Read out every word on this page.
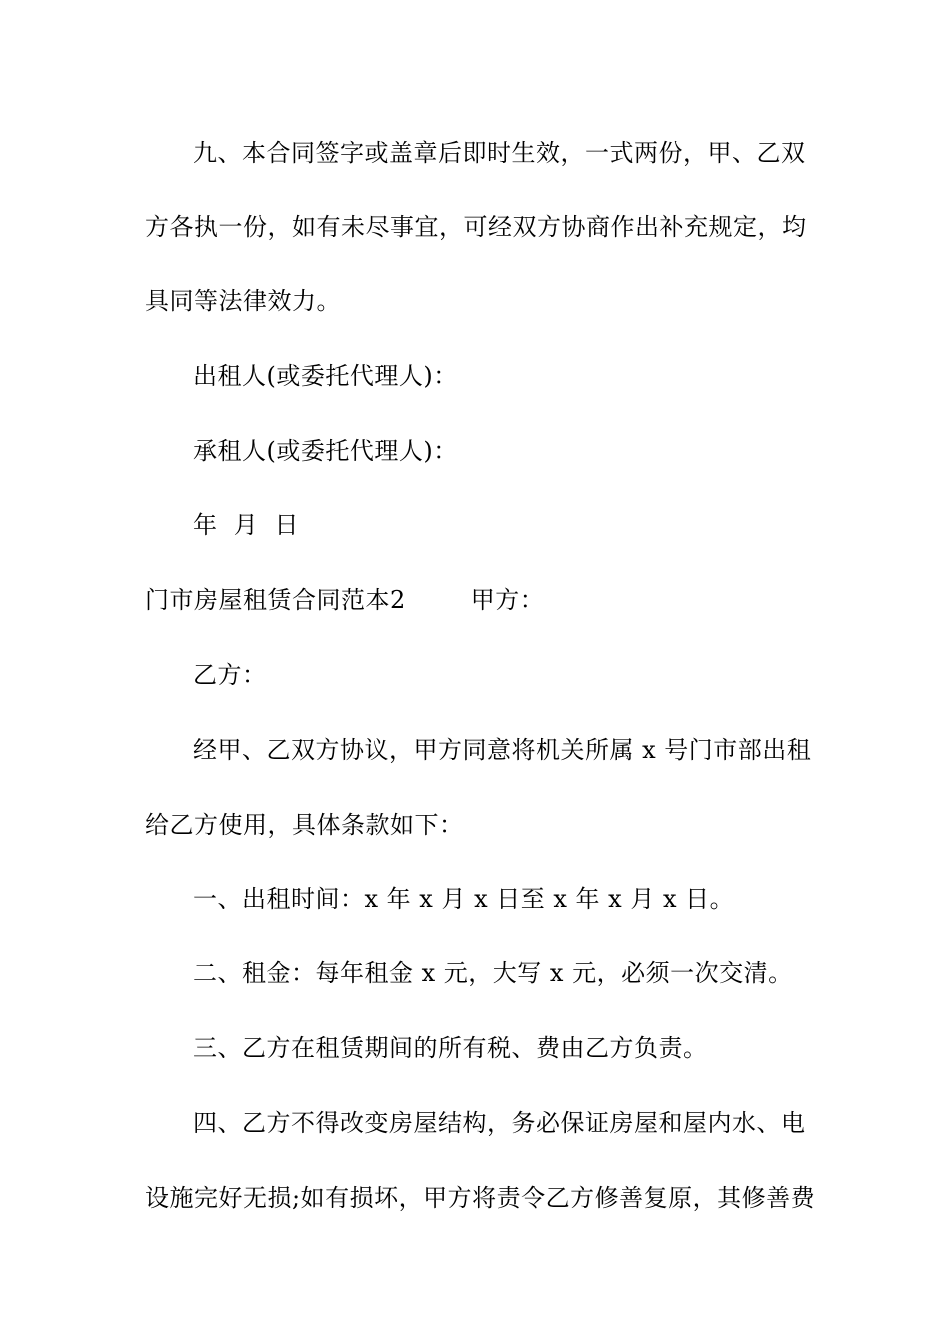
九、本合同签字或盖章后即时生效，一式两份，甲、乙双
方各执一份，如有未尽事宜，可经双方协商作出补充规定，均
具同等法律效力。
出租人(或委托代理人)：
承租人(或委托代理人)：
年  月  日
门市房屋租赁合同范本2        甲方：
乙方：
经甲、乙双方协议，甲方同意将机关所属 x 号门市部出租
给乙方使用，具体条款如下：
一、出租时间：x 年 x 月 x 日至 x 年 x 月 x 日。
二、租金：每年租金 x 元，大写 x 元，必须一次交清。
三、乙方在租赁期间的所有税、费由乙方负责。
四、乙方不得改变房屋结构，务必保证房屋和屋内水、电
设施完好无损;如有损坏，甲方将责令乙方修善复原，其修善费
